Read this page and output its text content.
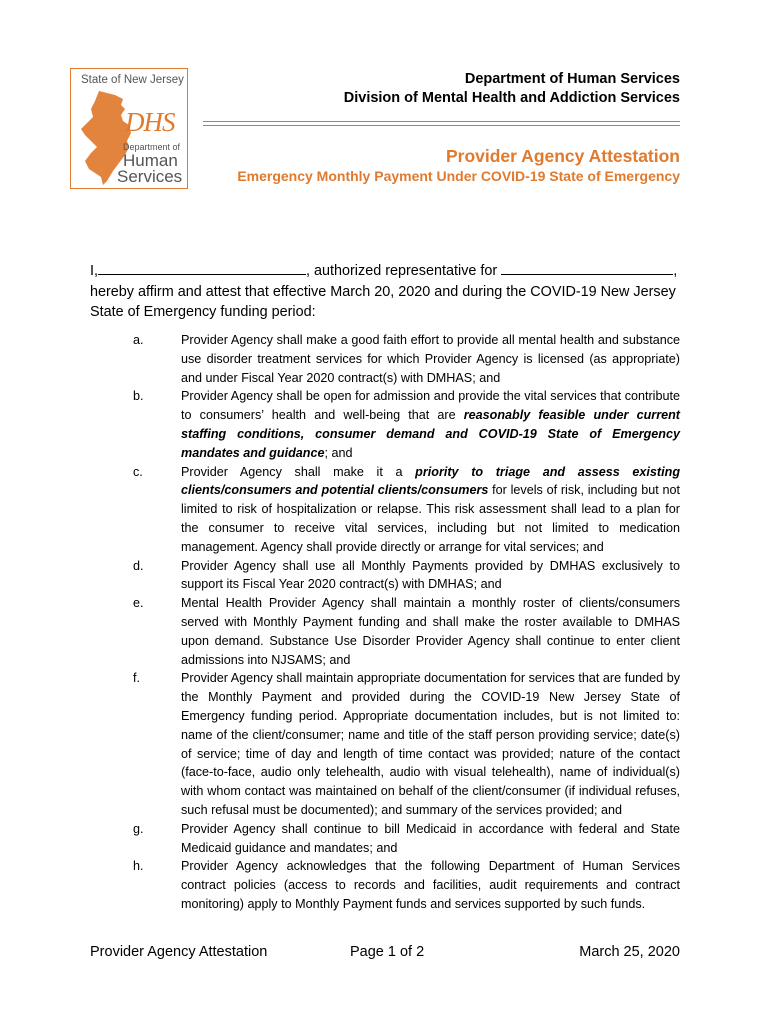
State of New Jersey
DHS
Department of
Human
Services
Department of Human Services
Division of Mental Health and Addiction Services
Provider Agency Attestation
Emergency Monthly Payment Under COVID-19 State of Emergency

I,	, authorized representative for	,

hereby affirm and attest that effective March 20, 2020 and during the COVID-19 New Jersey

State of Emergency funding period:

a.	Provider Agency shall make a good faith effort to provide all mental health and substance use disorder treatment services for which Provider Agency is licensed (as appropriate) and under Fiscal Year 2020 contract(s) with DMHAS; and
b.	Provider Agency shall be open for admission and provide the vital services that contribute to consumers’ health and well-being that are reasonably feasible under current staffing conditions, consumer demand and COVID-19 State of Emergency mandates and guidance; and
c.	Provider Agency shall make it a priority to triage and assess existing clients/consumers and potential clients/consumers for levels of risk, including but not limited to risk of hospitalization or relapse. This risk assessment shall lead to a plan for the consumer to receive vital services, including but not limited to medication management. Agency shall provide directly or arrange for vital services; and
d.	Provider Agency shall use all Monthly Payments provided by DMHAS exclusively to support its Fiscal Year 2020 contract(s) with DMHAS; and
e.	Mental Health Provider Agency shall maintain a monthly roster of clients/consumers served with Monthly Payment funding and shall make the roster available to DMHAS upon demand. Substance Use Disorder Provider Agency shall continue to enter client admissions into NJSAMS; and
f.	Provider Agency shall maintain appropriate documentation for services that are funded by the Monthly Payment and provided during the COVID-19 New Jersey State of Emergency funding period. Appropriate documentation includes, but is not limited to: name of the client/consumer; name and title of the staff person providing service; date(s) of service; time of day and length of time contact was provided; nature of the contact (face-to-face, audio only telehealth, audio with visual telehealth), name of individual(s) with whom contact was maintained on behalf of the client/consumer (if individual refuses, such refusal must be documented); and summary of the services provided; and
g.	Provider Agency shall continue to bill Medicaid in accordance with federal and State Medicaid guidance and mandates; and
h.	Provider Agency acknowledges that the following Department of Human Services contract policies (access to records and facilities, audit requirements and contract monitoring) apply to Monthly Payment funds and services supported by such funds.
Provider Agency Attestation	Page 1 of 2	March 25, 2020
